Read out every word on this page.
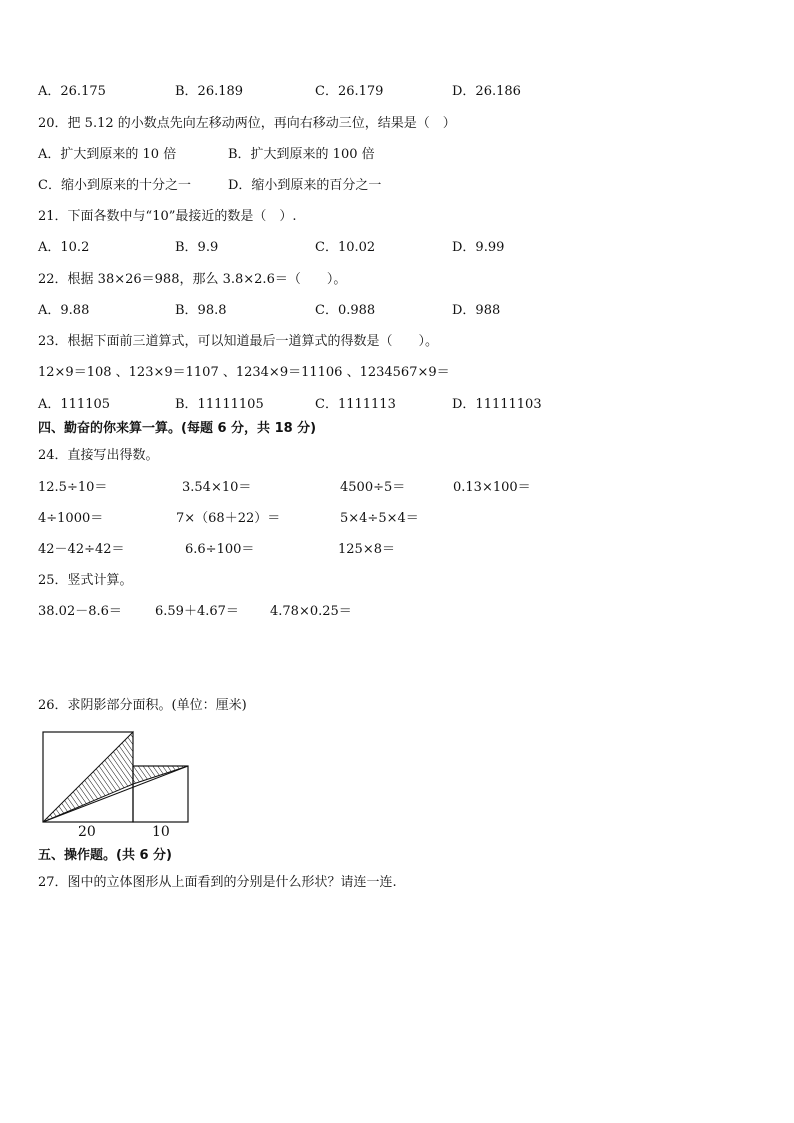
A．26.175	B．26.189	C．26.179	D．26.186
20．把 5.12 的小数点先向左移动两位，再向右移动三位，结果是（　）
A．扩大到原来的 10 倍	B．扩大到原来的 100 倍
C．缩小到原来的十分之一	D．缩小到原来的百分之一
21．下面各数中与“10”最接近的数是（　）.
A．10.2	B．9.9	C．10.02	D．9.99
22．根据 38×26＝988，那么 3.8×2.6＝（　　）。
A．9.88	B．98.8	C．0.988	D．988
23．根据下面前三道算式，可以知道最后一道算式的得数是（　　）。
12×9＝108 、123×9＝1107 、1234×9＝11106 、1234567×9＝
A．111105	B．11111105	C．1111113	D．11111103
四、勤奋的你来算一算。(每题 6 分，共 18 分)
24．直接写出得数。
12.5÷10＝	3.54×10＝	4500÷5＝	0.13×100＝
4÷1000＝	7×（68＋22）＝	5×4÷5×4＝
42－42÷42＝	6.6÷100＝	125×8＝
25．竖式计算。
38.02－8.6＝	6.59＋4.67＝ 4.78×0.25＝
26．求阴影部分面积。(单位：厘米)
20	10
五、操作题。(共 6 分)
27．图中的立体图形从上面看到的分别是什么形状？请连一连.
